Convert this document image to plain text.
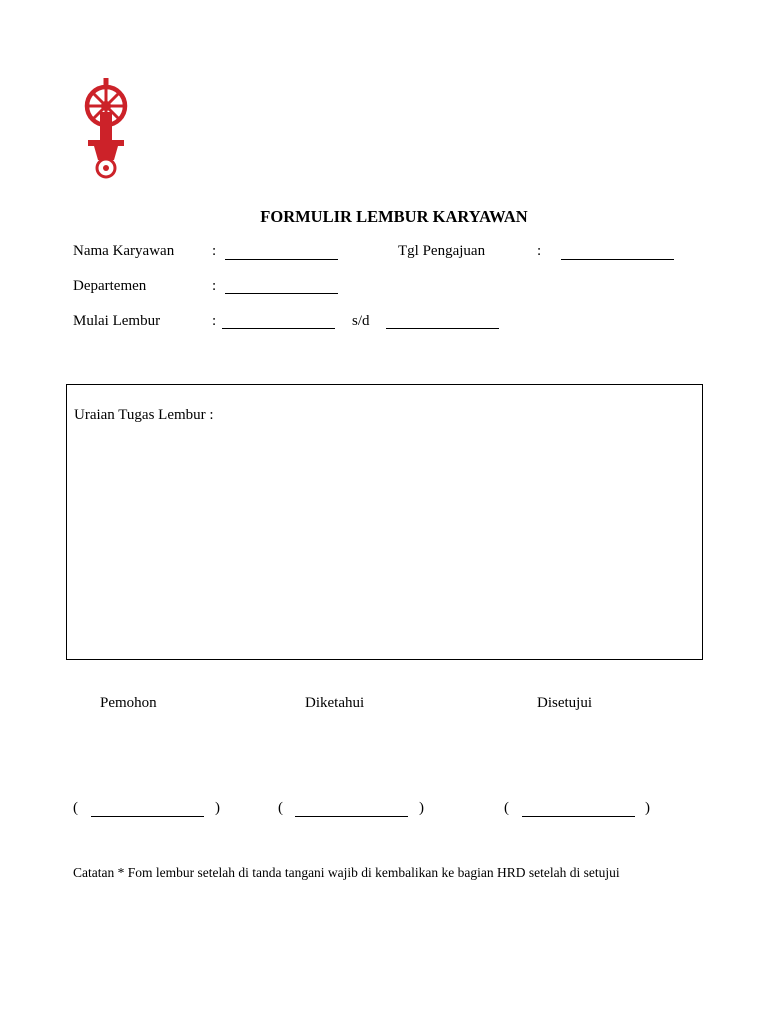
FORMULIR LEMBUR KARYAWAN
Nama Karyawan	:	Tgl Pengajuan	:
Departemen	:
Mulai Lembur	:	s/d
Uraian Tugas Lembur :
Pemohon	Diketahui	Disetujui
(	)	(	)	(	)
Catatan * Fom lembur setelah di tanda tangani wajib di kembalikan ke bagian HRD setelah di setujui
